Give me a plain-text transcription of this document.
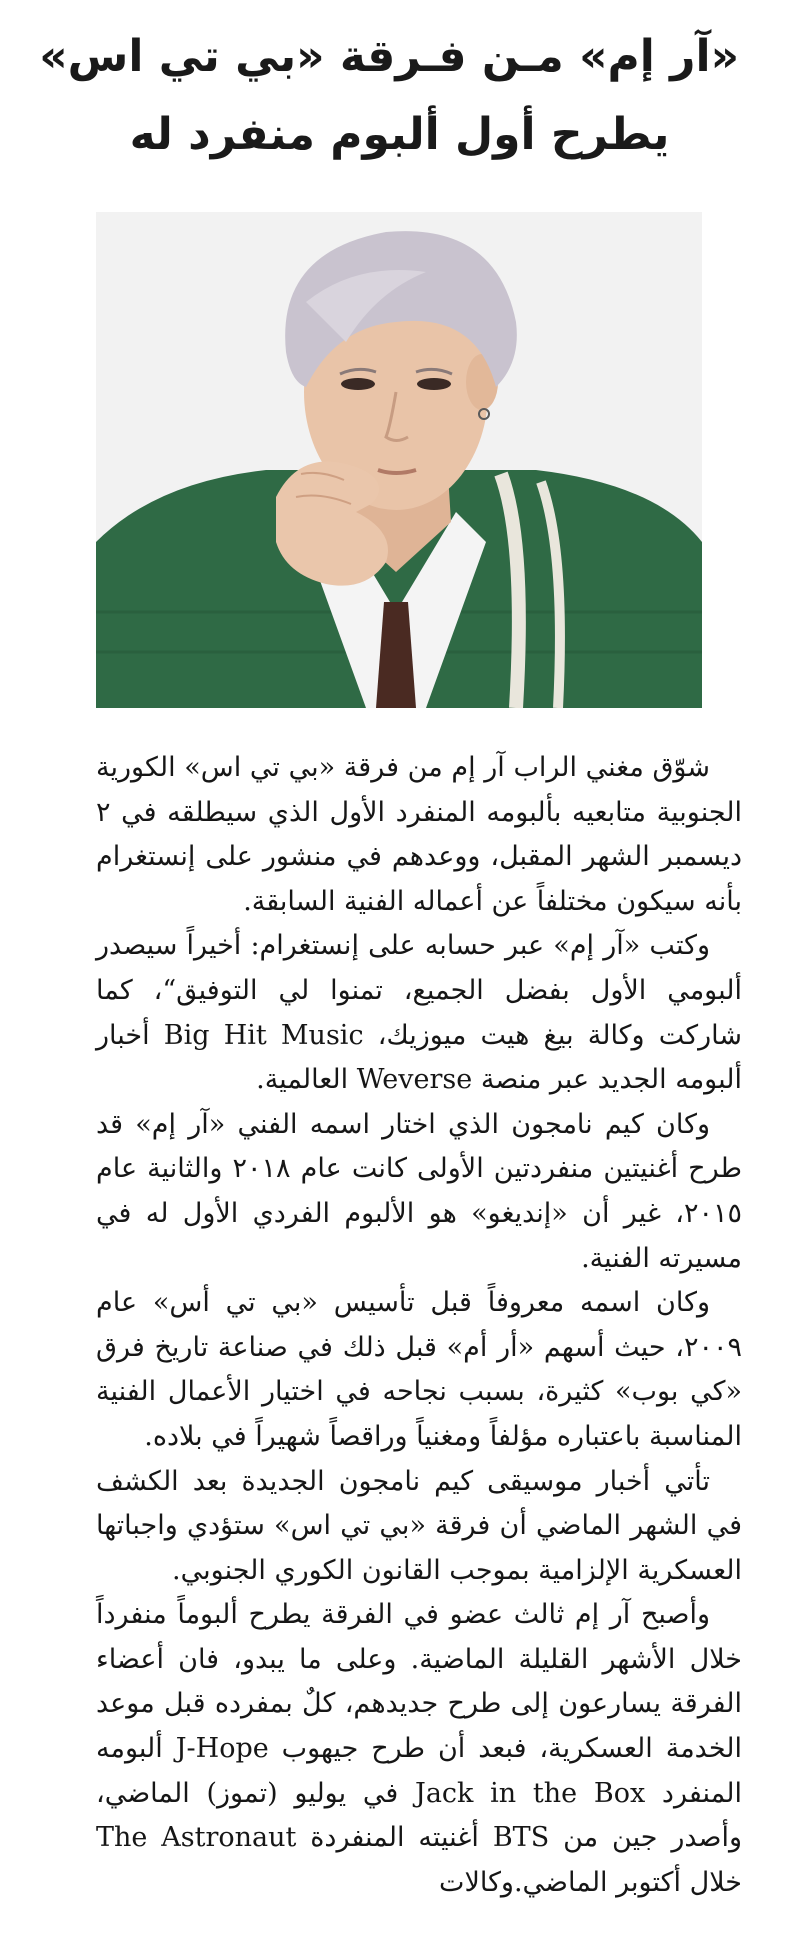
«آر إم» مـن فـرقة «بي تي اس»
يطرح أول ألبوم منفرد له

شوّق مغني الراب آر إم من فرقة «بي تي اس» الكورية الجنوبية متابعيه بألبومه المنفرد الأول الذي سيطلقه في ٢ ديسمبر الشهر المقبل، ووعدهم في منشور على إنستغرام بأنه سيكون مختلفاً عن أعماله الفنية السابقة.

وكتب «آر إم» عبر حسابه على إنستغرام: أخيراً سيصدر ألبومي الأول بفضل الجميع، تمنوا لي التوفيق“، كما شاركت وكالة بيغ هيت ميوزيك، Big Hit Music أخبار ألبومه الجديد عبر منصة Weverse العالمية.

وكان كيم نامجون الذي اختار اسمه الفني «آر إم» قد طرح أغنيتين منفردتين الأولى كانت عام ٢٠١٨ والثانية عام ٢٠١٥، غير أن «إنديغو» هو الألبوم الفردي الأول له في مسيرته الفنية.

وكان اسمه معروفاً قبل تأسيس «بي تي أس» عام ٢٠٠٩، حيث أسهم «أر أم» قبل ذلك في صناعة تاريخ فرق «كي بوب» كثيرة، بسبب نجاحه في اختيار الأعمال الفنية المناسبة باعتباره مؤلفاً ومغنياً وراقصاً شهيراً في بلاده.

تأتي أخبار موسيقى كيم نامجون الجديدة بعد الكشف في الشهر الماضي أن فرقة «بي تي اس» ستؤدي واجباتها العسكرية الإلزامية بموجب القانون الكوري الجنوبي.

وأصبح آر إم ثالث عضو في الفرقة يطرح ألبوماً منفرداً خلال الأشهر القليلة الماضية. وعلى ما يبدو، فان أعضاء الفرقة يسارعون إلى طرح جديدهم، كلٌ بمفرده قبل موعد الخدمة العسكرية، فبعد أن طرح جيهوب J-Hope ألبومه المنفرد Jack in the Box في يوليو (تموز) الماضي، وأصدر جين من BTS أغنيته المنفردة The Astronaut خلال أكتوبر الماضي.وكالات
